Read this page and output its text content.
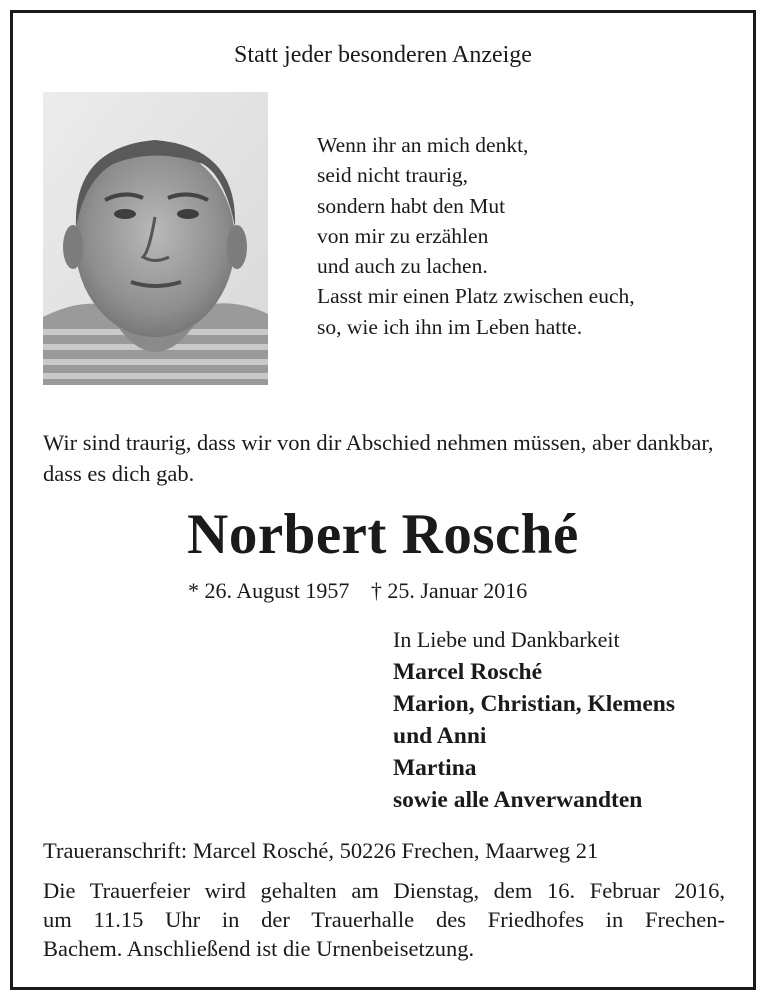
Statt jeder besonderen Anzeige
Wenn ihr an mich denkt,
seid nicht traurig,
sondern habt den Mut
von mir zu erzählen
und auch zu lachen.
Lasst mir einen Platz zwischen euch,
so, wie ich ihn im Leben hatte.
Wir sind traurig, dass wir von dir Abschied nehmen müssen, aber dankbar, dass es dich gab.
Norbert Rosché
* 26. August 1957 † 25. Januar 2016
In Liebe und Dankbarkeit
Marcel Rosché
Marion, Christian, Klemens
und Anni
Martina
sowie alle Anverwandten
Traueranschrift: Marcel Rosché, 50226 Frechen, Maarweg 21
Die Trauerfeier wird gehalten am Dienstag, dem 16. Februar 2016,
um 11.15 Uhr in der Trauerhalle des Friedhofes in Frechen-
Bachem. Anschließend ist die Urnenbeisetzung.
